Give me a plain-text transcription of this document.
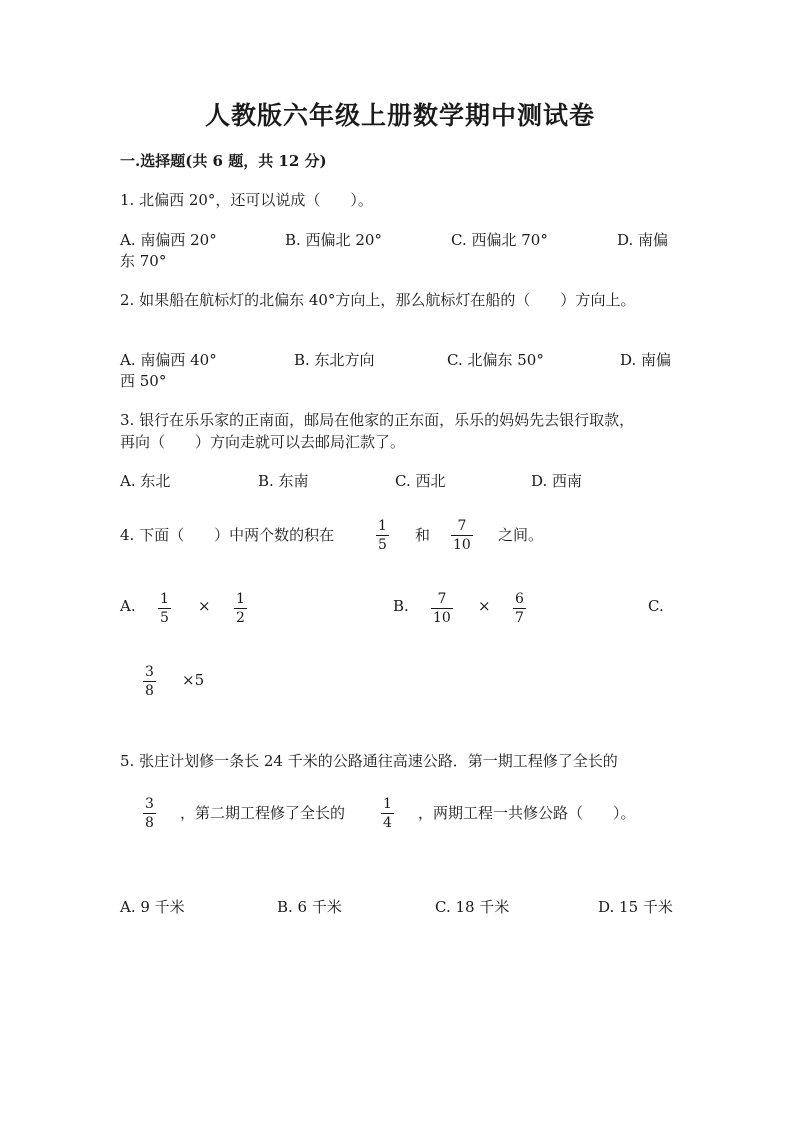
人教版六年级上册数学期中测试卷
一.选择题(共 6 题，共 12 分)
1. 北偏西 20°，还可以说成（　　）。
A. 南偏西 20°	B. 西偏北 20°	C. 西偏北 70°	D. 南偏
东 70°
2. 如果船在航标灯的北偏东 40°方向上，那么航标灯在船的（　　）方向上。
A. 南偏西 40°	B. 东北方向	C. 北偏东 50°	D. 南偏
西 50°
3. 银行在乐乐家的正南面，邮局在他家的正东面，乐乐的妈妈先去银行取款，
再向（　　）方向走就可以去邮局汇款了。
A. 东北	B. 东南	C. 西北	D. 西南
4. 下面（　　）中两个数的积在	1
5
和 7
10
之间。
A. 1
5
× 1
2
B. 7
10
× 6
7
C.
3
8
×5
5. 张庄计划修一条长 24 千米的公路通往高速公路．第一期工程修了全长的
3
8
，第二期工程修了全长的	1
4
，两期工程一共修公路（　　）。
A. 9 千米	B. 6 千米	C. 18 千米	D. 15 千米
